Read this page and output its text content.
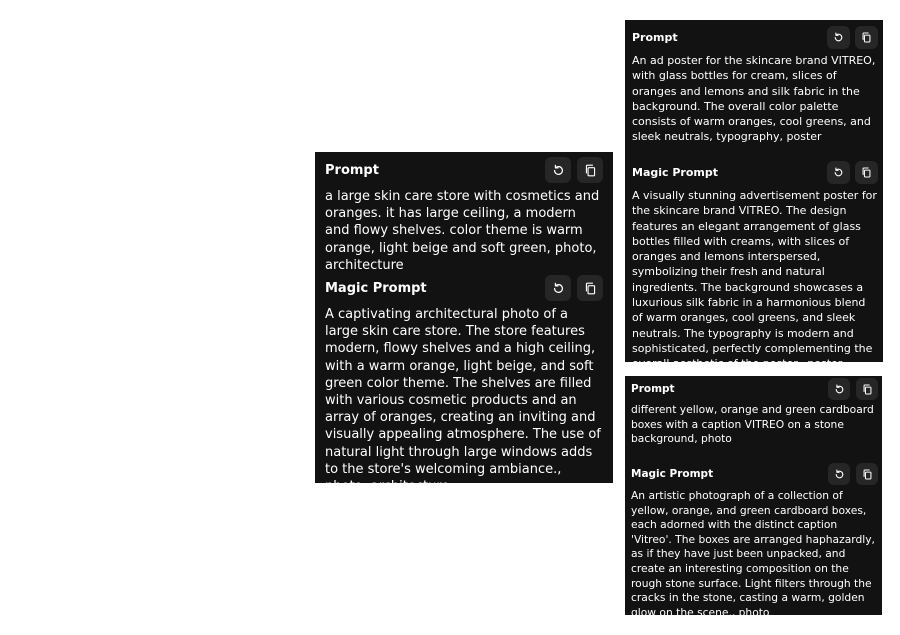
Prompt

a large skin care store with cosmetics and oranges. it has large ceiling, a modern and flowy shelves. color theme is warm orange, light beige and soft green, photo, architecture

Magic Prompt

A captivating architectural photo of a large skin care store. The store features modern, flowy shelves and a high ceiling, with a warm orange, light beige, and soft green color theme. The shelves are filled with various cosmetic products and an array of oranges, creating an inviting and visually appealing atmosphere. The use of natural light through large windows adds to the store's welcoming ambiance., photo, architecture

Prompt

An ad poster for the skincare brand VITREO, with glass bottles for cream, slices of oranges and lemons and silk fabric in the background. The overall color palette consists of warm oranges, cool greens, and sleek neutrals, typography, poster

Magic Prompt

A visually stunning advertisement poster for the skincare brand VITREO. The design features an elegant arrangement of glass bottles filled with creams, with slices of oranges and lemons interspersed, symbolizing their fresh and natural ingredients. The background showcases a luxurious silk fabric in a harmonious blend of warm oranges, cool greens, and sleek neutrals. The typography is modern and sophisticated, perfectly complementing the overall aesthetic of the poster., poster,

Prompt

different yellow, orange and green cardboard boxes with a caption VITREO on a stone background, photo

Magic Prompt

An artistic photograph of a collection of yellow, orange, and green cardboard boxes, each adorned with the distinct caption 'Vitreo'. The boxes are arranged haphazardly, as if they have just been unpacked, and create an interesting composition on the rough stone surface. Light filters through the cracks in the stone, casting a warm, golden glow on the scene., photo
